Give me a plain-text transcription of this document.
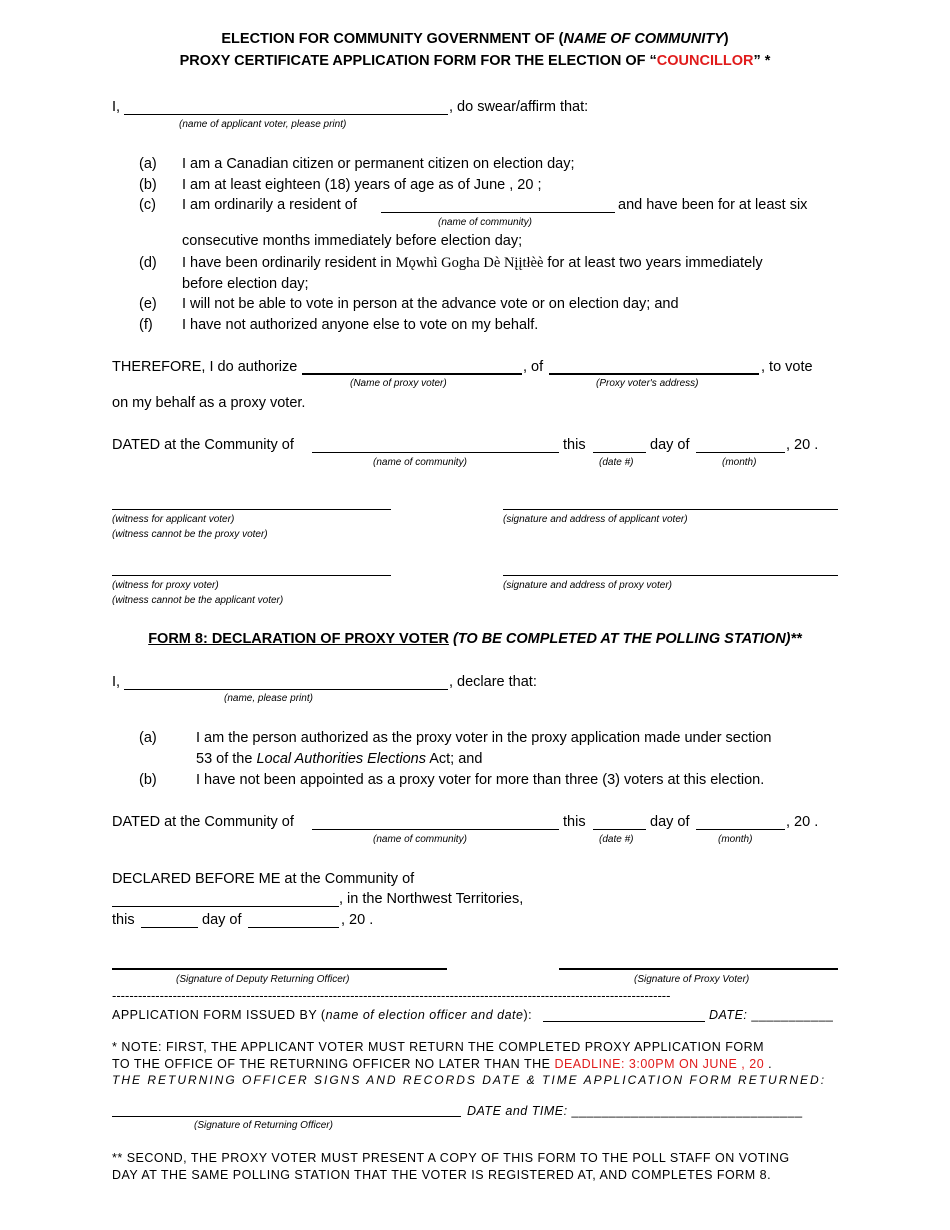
ELECTION FOR COMMUNITY GOVERNMENT OF (NAME OF COMMUNITY)
PROXY CERTIFICATE APPLICATION FORM FOR THE ELECTION OF “COUNCILLOR” *
I,	, do swear/affirm that:
(name of applicant voter, please print)
(a) I am a Canadian citizen or permanent citizen on election day;
(b) I am at least eighteen (18) years of age as of June , 20 ;
(c) I am ordinarily a resident of	and have been for at least six
(name of community)
consecutive months immediately before election day;
(d) I have been ordinarily resident in Mǫwhì Gogha Dè Nįįtłèè for at least two years immediately
before election day;
(e) I will not be able to vote in person at the advance vote or on election day; and
(f) I have not authorized anyone else to vote on my behalf.
THEREFORE, I do authorize	, of	, to vote
(Name of proxy voter)	(Proxy voter's address)
on my behalf as a proxy voter.
DATED at the Community of	this	day of	, 20 .
(name of community)	(date #)	(month)
(witness for applicant voter)
(witness cannot be the proxy voter)
(signature and address of applicant voter)
(witness for proxy voter)
(witness cannot be the applicant voter)
(signature and address of proxy voter)
FORM 8: DECLARATION OF PROXY VOTER (TO BE COMPLETED AT THE POLLING STATION)**
I,	, declare that:
(name, please print)
(a)	I am the person authorized as the proxy voter in the proxy application made under section
53 of the Local Authorities Elections Act; and
(b)	I have not been appointed as a proxy voter for more than three (3) voters at this election.
DATED at the Community of	this	day of	, 20 .
(name of community)	(date #)	(month)
DECLARED BEFORE ME at the Community of
, in the Northwest Territories,
this	day of	, 20 .
(Signature of Deputy Returning Officer)	(Signature of Proxy Voter)
---------------------------------------------------------------------------------------------------------------------------------
APPLICATION FORM ISSUED BY (name of election officer and date):	DATE: ___________
* NOTE: FIRST, THE APPLICANT VOTER MUST RETURN THE COMPLETED PROXY APPLICATION FORM
TO THE OFFICE OF THE RETURNING OFFICER NO LATER THAN THE DEADLINE: 3:00PM ON JUNE , 20 .
THE RETURNING OFFICER SIGNS AND RECORDS DATE & TIME APPLICATION FORM RETURNED:
DATE and TIME: _______________________________
(Signature of Returning Officer)
** SECOND, THE PROXY VOTER MUST PRESENT A COPY OF THIS FORM TO THE POLL STAFF ON VOTING
DAY AT THE SAME POLLING STATION THAT THE VOTER IS REGISTERED AT, AND COMPLETES FORM 8.
